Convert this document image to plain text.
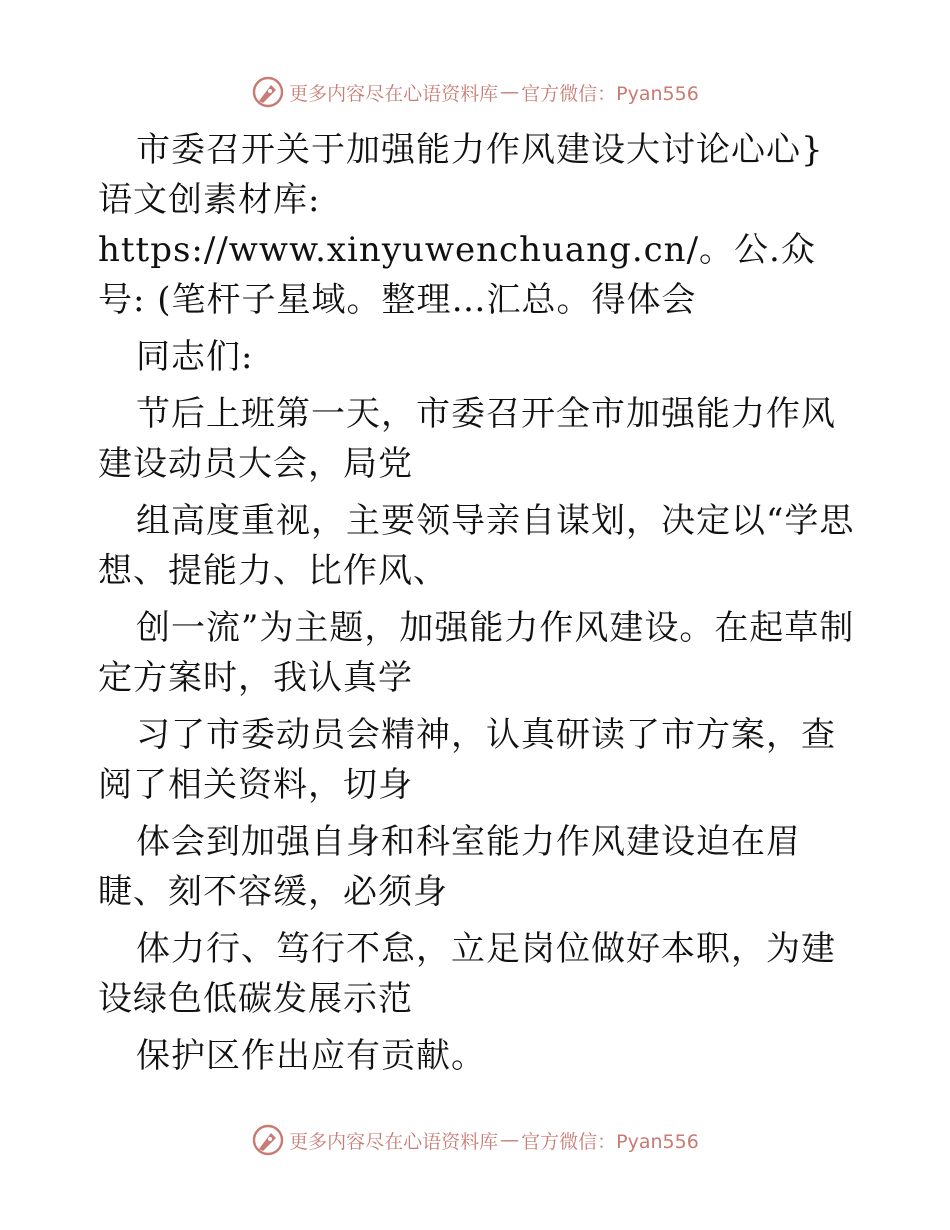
更多内容尽在心语资料库 — 官方微信：Pyan556

市委召开关于加强能力作风建设大讨论心心}语文创素材库: https://www.xinyuwenchuang.cn/。公.众号: (笔杆子星域。整理…汇总。得体会

同志们:

节后上班第一天，市委召开全市加强能力作风建设动员大会，局党

组高度重视，主要领导亲自谋划，决定以“学思想、提能力、比作风、

创一流”为主题，加强能力作风建设。在起草制定方案时，我认真学

习了市委动员会精神，认真研读了市方案，查阅了相关资料，切身

体会到加强自身和科室能力作风建设迫在眉睫、刻不容缓，必须身

体力行、笃行不怠，立足岗位做好本职，为建设绿色低碳发展示范

保护区作出应有贡献。

更多内容尽在心语资料库 — 官方微信：Pyan556
